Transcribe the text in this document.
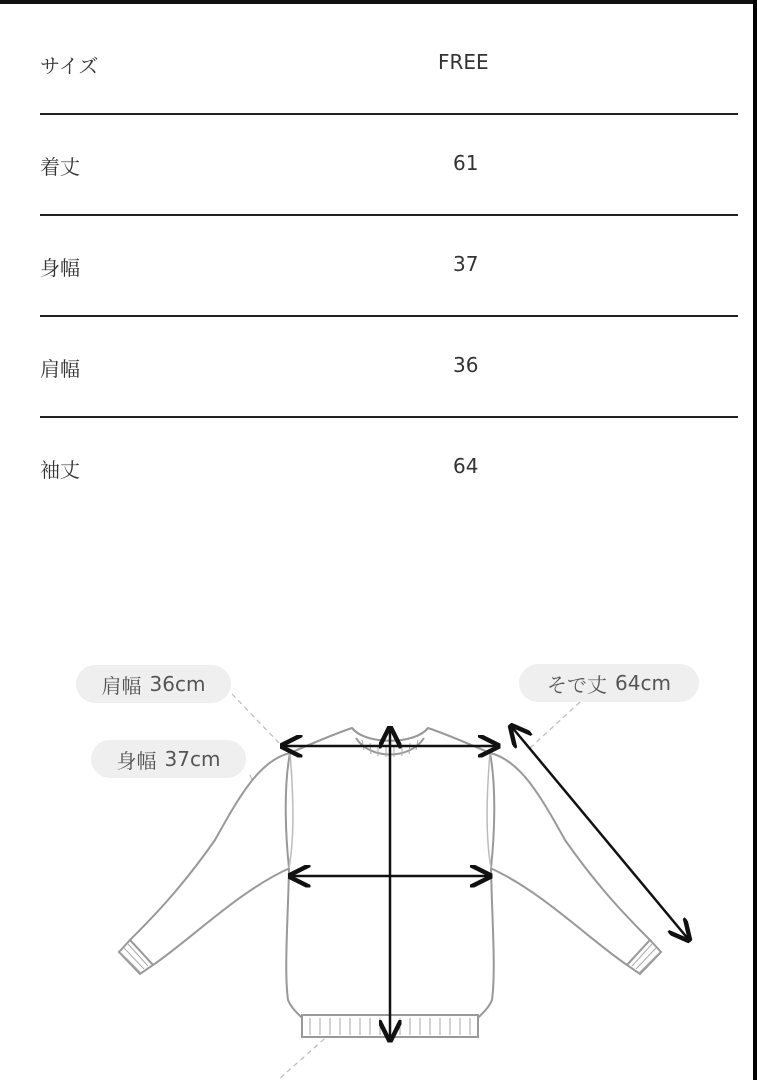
サイズ	FREE
着丈	61
身幅	37
肩幅	36
袖丈	64
肩幅 36cm
身幅 37cm
そで丈 64cm
